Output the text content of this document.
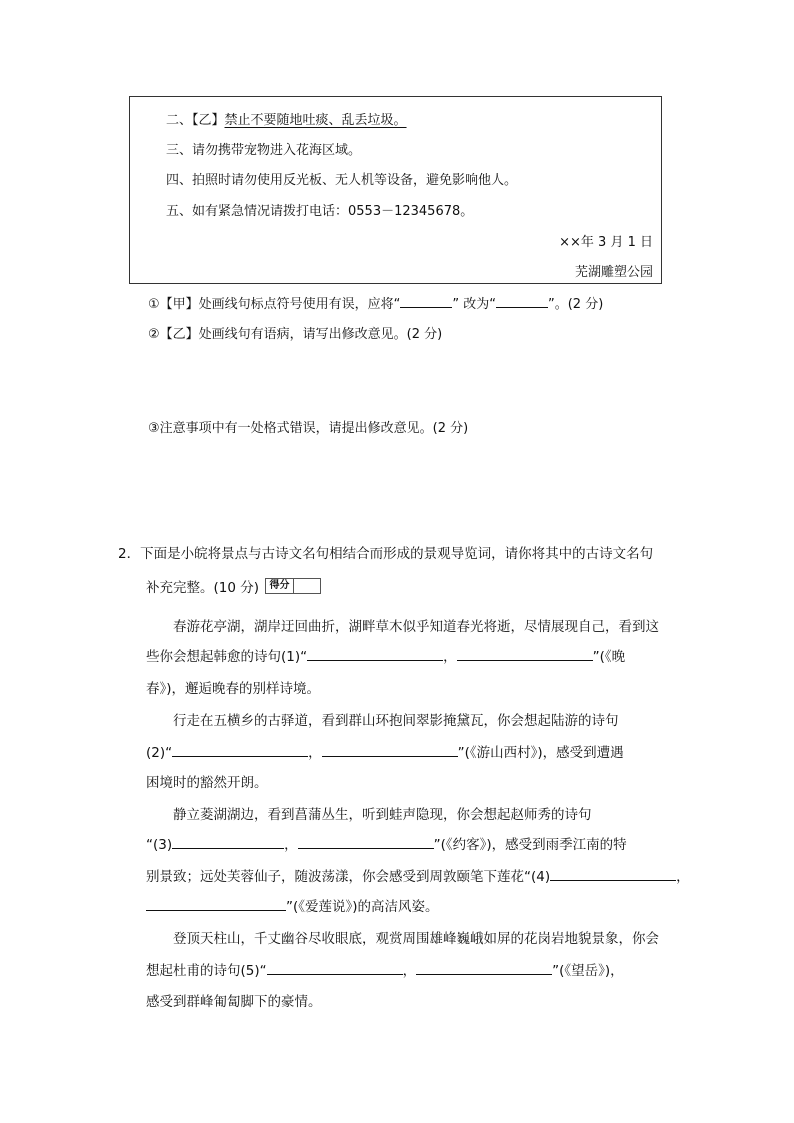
二、【乙】禁止不要随地吐痰、乱丢垃圾。
三、请勿携带宠物进入花海区域。
四、拍照时请勿使用反光板、无人机等设备，避免影响他人。
五、如有紧急情况请拨打电话：0553－12345678。
××年 3 月 1 日
芜湖雕塑公园
①【甲】处画线句标点符号使用有误，应将“	” 改为“	”。(2 分)
②【乙】处画线句有语病，请写出修改意见。(2 分)
③注意事项中有一处格式错误，请提出修改意见。(2 分)
2．下面是小皖将景点与古诗文名句相结合而形成的景观导览词，请你将其中的古诗文名句
补充完整。(10 分)	得分
春游花亭湖，湖岸迂回曲折，湖畔草木似乎知道春光将逝，尽情展现自己，看到这
些你会想起韩愈的诗句(1)“	，	”(《晚
春》)，邂逅晚春的别样诗境。
行走在五横乡的古驿道，看到群山环抱间翠影掩黛瓦，你会想起陆游的诗句
(2)“	，	”(《游山西村》)，感受到遭遇
困境时的豁然开朗。
静立菱湖湖边，看到菖蒲丛生，听到蛙声隐现，你会想起赵师秀的诗句
“(3)	，	”(《约客》)，感受到雨季江南的特
别景致；远处芙蓉仙子，随波荡漾，你会感受到周敦颐笔下莲花“(4)	，
”(《爱莲说》)的高洁风姿。
登顶天柱山，千丈幽谷尽收眼底，观赏周围雄峰巍峨如屏的花岗岩地貌景象，你会
想起杜甫的诗句(5)“	，	”(《望岳》)，
感受到群峰匍匐脚下的豪情。
